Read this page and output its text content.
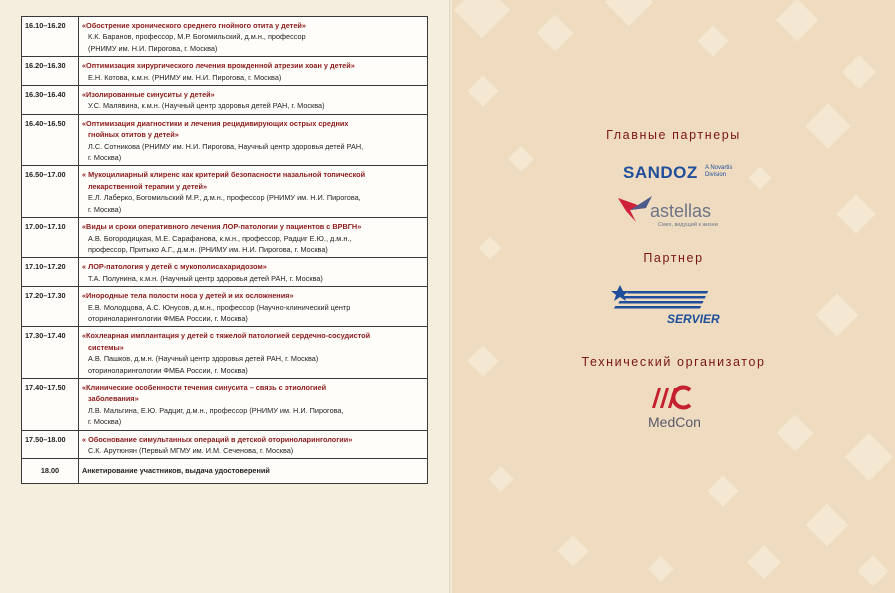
16.10–16.20	«Обострение хронического среднего гнойного отита у детей»
К.К. Баранов, профессор, М.Р. Богомильский, д.м.н., профессор
(РНИМУ им. Н.И. Пирогова, г. Москва)

16.20–16.30	«Оптимизация хирургического лечения врожденной атрезии хоан у детей»
Е.Н. Котова, к.м.н. (РНИМУ им. Н.И. Пирогова, г. Москва)

16.30–16.40	«Изолированные синуситы у детей»
У.С. Малявина, к.м.н. (Научный центр здоровья детей РАН, г. Москва)

16.40–16.50	«Оптимизация диагностики и лечения рецидивирующих острых средних
гнойных отитов у детей»
Л.С. Сотникова (РНИМУ им. Н.И. Пирогова, Научный центр здоровья детей РАН,
г. Москва)

16.50–17.00	« Мукоцилиарный клиренс как критерий безопасности назальной топической
лекарственной терапии у детей»
Е.Л. Лаберко, Богомильский М.Р., д.м.н., профессор (РНИМУ им. Н.И. Пирогова,
г. Москва)

17.00–17.10	«Виды и сроки оперативного лечения ЛОР-патологии у пациентов с ВРВГН»
А.В. Богородицкая, М.Е. Сарафанова, к.м.н., профессор, Радциг Е.Ю., д.м.н.,
профессор, Притыко А.Г., д.м.н. (РНИМУ им. Н.И. Пирогова, г. Москва)

17.10–17.20	« ЛОР-патология у детей с мукополисахаридозом»
Т.А. Полунина, к.м.н. (Научный центр здоровья детей РАН, г. Москва)

17.20–17.30	«Инородные тела полости носа у детей и их осложнения»
Е.В. Молодцова, А.С. Юнусов, д.м.н., профессор (Научно-клинический центр
оториноларингологии ФМБА России, г. Москва)

17.30–17.40	«Кохлеарная имплантация у детей с тяжелой патологией сердечно-сосудистой
системы»
А.В. Пашков, д.м.н. (Научный центр здоровья детей РАН, г. Москва)
оториноларингологии ФМБА России, г. Москва)

17.40–17.50	«Клинические особенности течения синусита – связь с этиологией
заболевания»
Л.В. Мальгина, Е.Ю. Радциг, д.м.н., профессор (РНИМУ им. Н.И. Пирогова,
г. Москва)

17.50–18.00	« Обоснование симультанных операций в детской оториноларингологии»
С.К. Арутюнян (Первый МГМУ им. И.М. Сеченова, г. Москва)

18.00	Анкетирование участников, выдача удостоверений
Главные партнеры
SANDOZ A Novartis
Division
astellas
Смех, ведущий к жизни
Партнер
SERVIER
Технический организатор
MedCon
